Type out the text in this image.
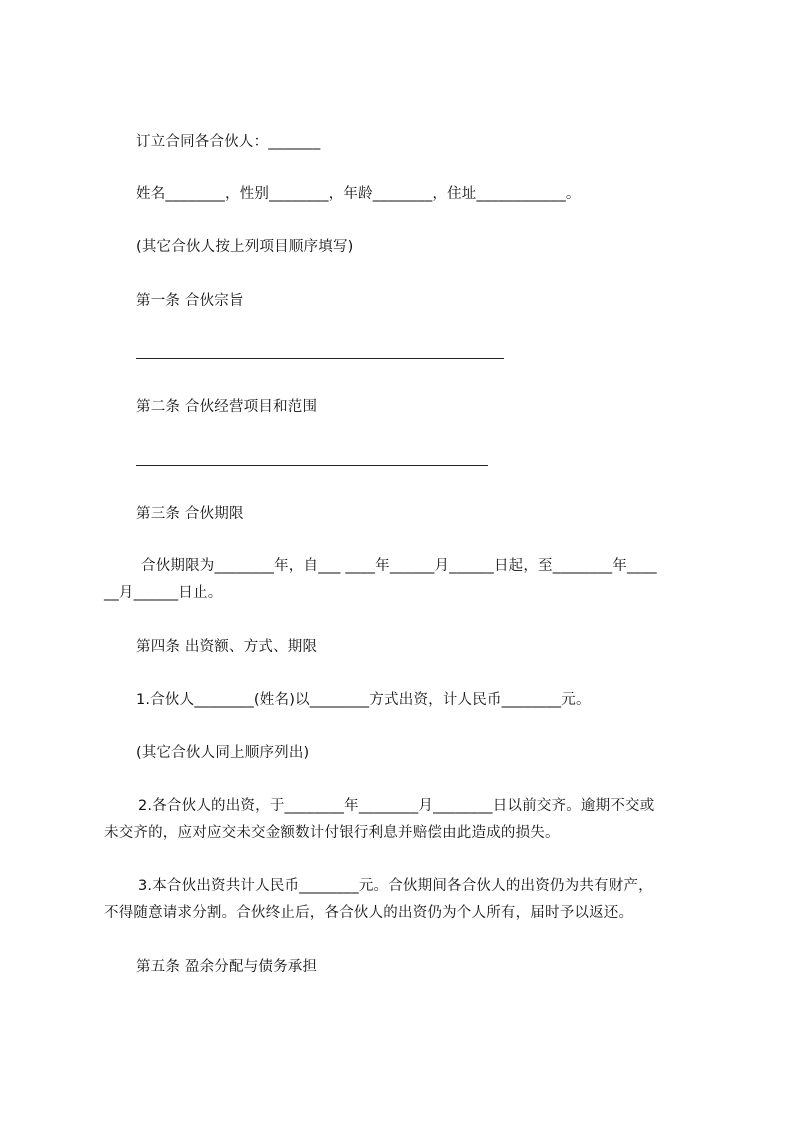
订立合同各合伙人：_______
姓名________，性别________，年龄________，住址____________。
(其它合伙人按上列项目顺序填写)
第一条 合伙宗旨
第二条 合伙经营项目和范围
第三条 合伙期限
合伙期限为________年，自___ ____年______月______日起，至________年____
__月______日止。
第四条 出资额、方式、期限
1.合伙人________(姓名)以________方式出资，计人民币________元。
(其它合伙人同上顺序列出)
2.各合伙人的出资，于________年________月________日以前交齐。逾期不交或
未交齐的，应对应交未交金额数计付银行利息并赔偿由此造成的损失。
3.本合伙出资共计人民币________元。合伙期间各合伙人的出资仍为共有财产，
不得随意请求分割。合伙终止后，各合伙人的出资仍为个人所有，届时予以返还。
第五条 盈余分配与债务承担
